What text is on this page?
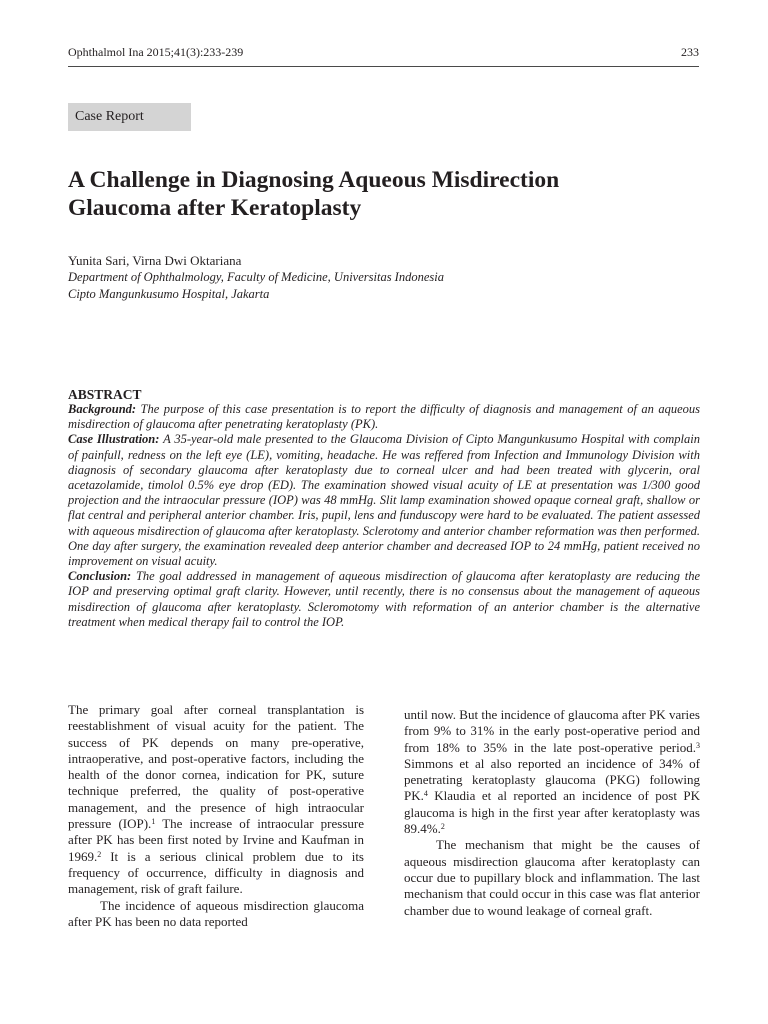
Ophthalmol Ina 2015;41(3):233-239	233
Case Report
A Challenge in Diagnosing Aqueous Misdirection
Glaucoma after Keratoplasty
Yunita Sari, Virna Dwi Oktariana
Department of Ophthalmology, Faculty of Medicine, Universitas Indonesia
Cipto Mangunkusumo Hospital, Jakarta
ABSTRACT

Background: The purpose of this case presentation is to report the difficulty of diagnosis and management of an aqueous misdirection of glaucoma after penetrating keratoplasty (PK).

Case Illustration: A 35-year-old male presented to the Glaucoma Division of Cipto Mangunkusumo Hospital with complain of painfull, redness on the left eye (LE), vomiting, headache. He was reffered from Infection and Immunology Division with diagnosis of secondary glaucoma after keratoplasty due to corneal ulcer and had been treated with glycerin, oral acetazolamide, timolol 0.5% eye drop (ED). The examination showed visual acuity of LE at presentation was 1/300 good projection and the intraocular pressure (IOP) was 48 mmHg. Slit lamp examination showed opaque corneal graft, shallow or flat central and peripheral anterior chamber. Iris, pupil, lens and funduscopy were hard to be evaluated. The patient assessed with aqueous misdirection of glaucoma after keratoplasty. Sclerotomy and anterior chamber reformation was then performed. One day after surgery, the examination revealed deep anterior chamber and decreased IOP to 24 mmHg, patient received no improvement on visual acuity.

Conclusion: The goal addressed in management of aqueous misdirection of glaucoma after keratoplasty are reducing the IOP and preserving optimal graft clarity. However, until recently, there is no consensus about the management of aqueous misdirection of glaucoma after keratoplasty. Scleromotomy with reformation of an anterior chamber is the alternative treatment when medical therapy fail to control the IOP.

The primary goal after corneal transplantation is reestablishment of visual acuity for the patient. The success of PK depends on many pre-operative, intraoperative, and post-operative factors, including the health of the donor cornea, indication for PK, suture technique preferred, the quality of post-operative management, and the presence of high intraocular pressure (IOP).$^1$ The increase of intraocular pressure after PK has been first noted by Irvine and Kaufman in 1969.$^2$ It is a serious clinical problem due to its frequency of occurrence, difficulty in diagnosis and management, risk of graft failure.

The incidence of aqueous misdirection glaucoma after PK has been no data reported

until now. But the incidence of glaucoma after PK varies from 9% to 31% in the early post-operative period and from 18% to 35% in the late post-operative period.$^3$ Simmons et al also reported an incidence of 34% of penetrating keratoplasty glaucoma (PKG) following PK.$^4$ Klaudia et al reported an incidence of post PK glaucoma is high in the first year after keratoplasty was 89.4%.$^2$

The mechanism that might be the causes of aqueous misdirection glaucoma after keratoplasty can occur due to pupillary block and inflammation. The last mechanism that could occur in this case was flat anterior chamber due to wound leakage of corneal graft.
